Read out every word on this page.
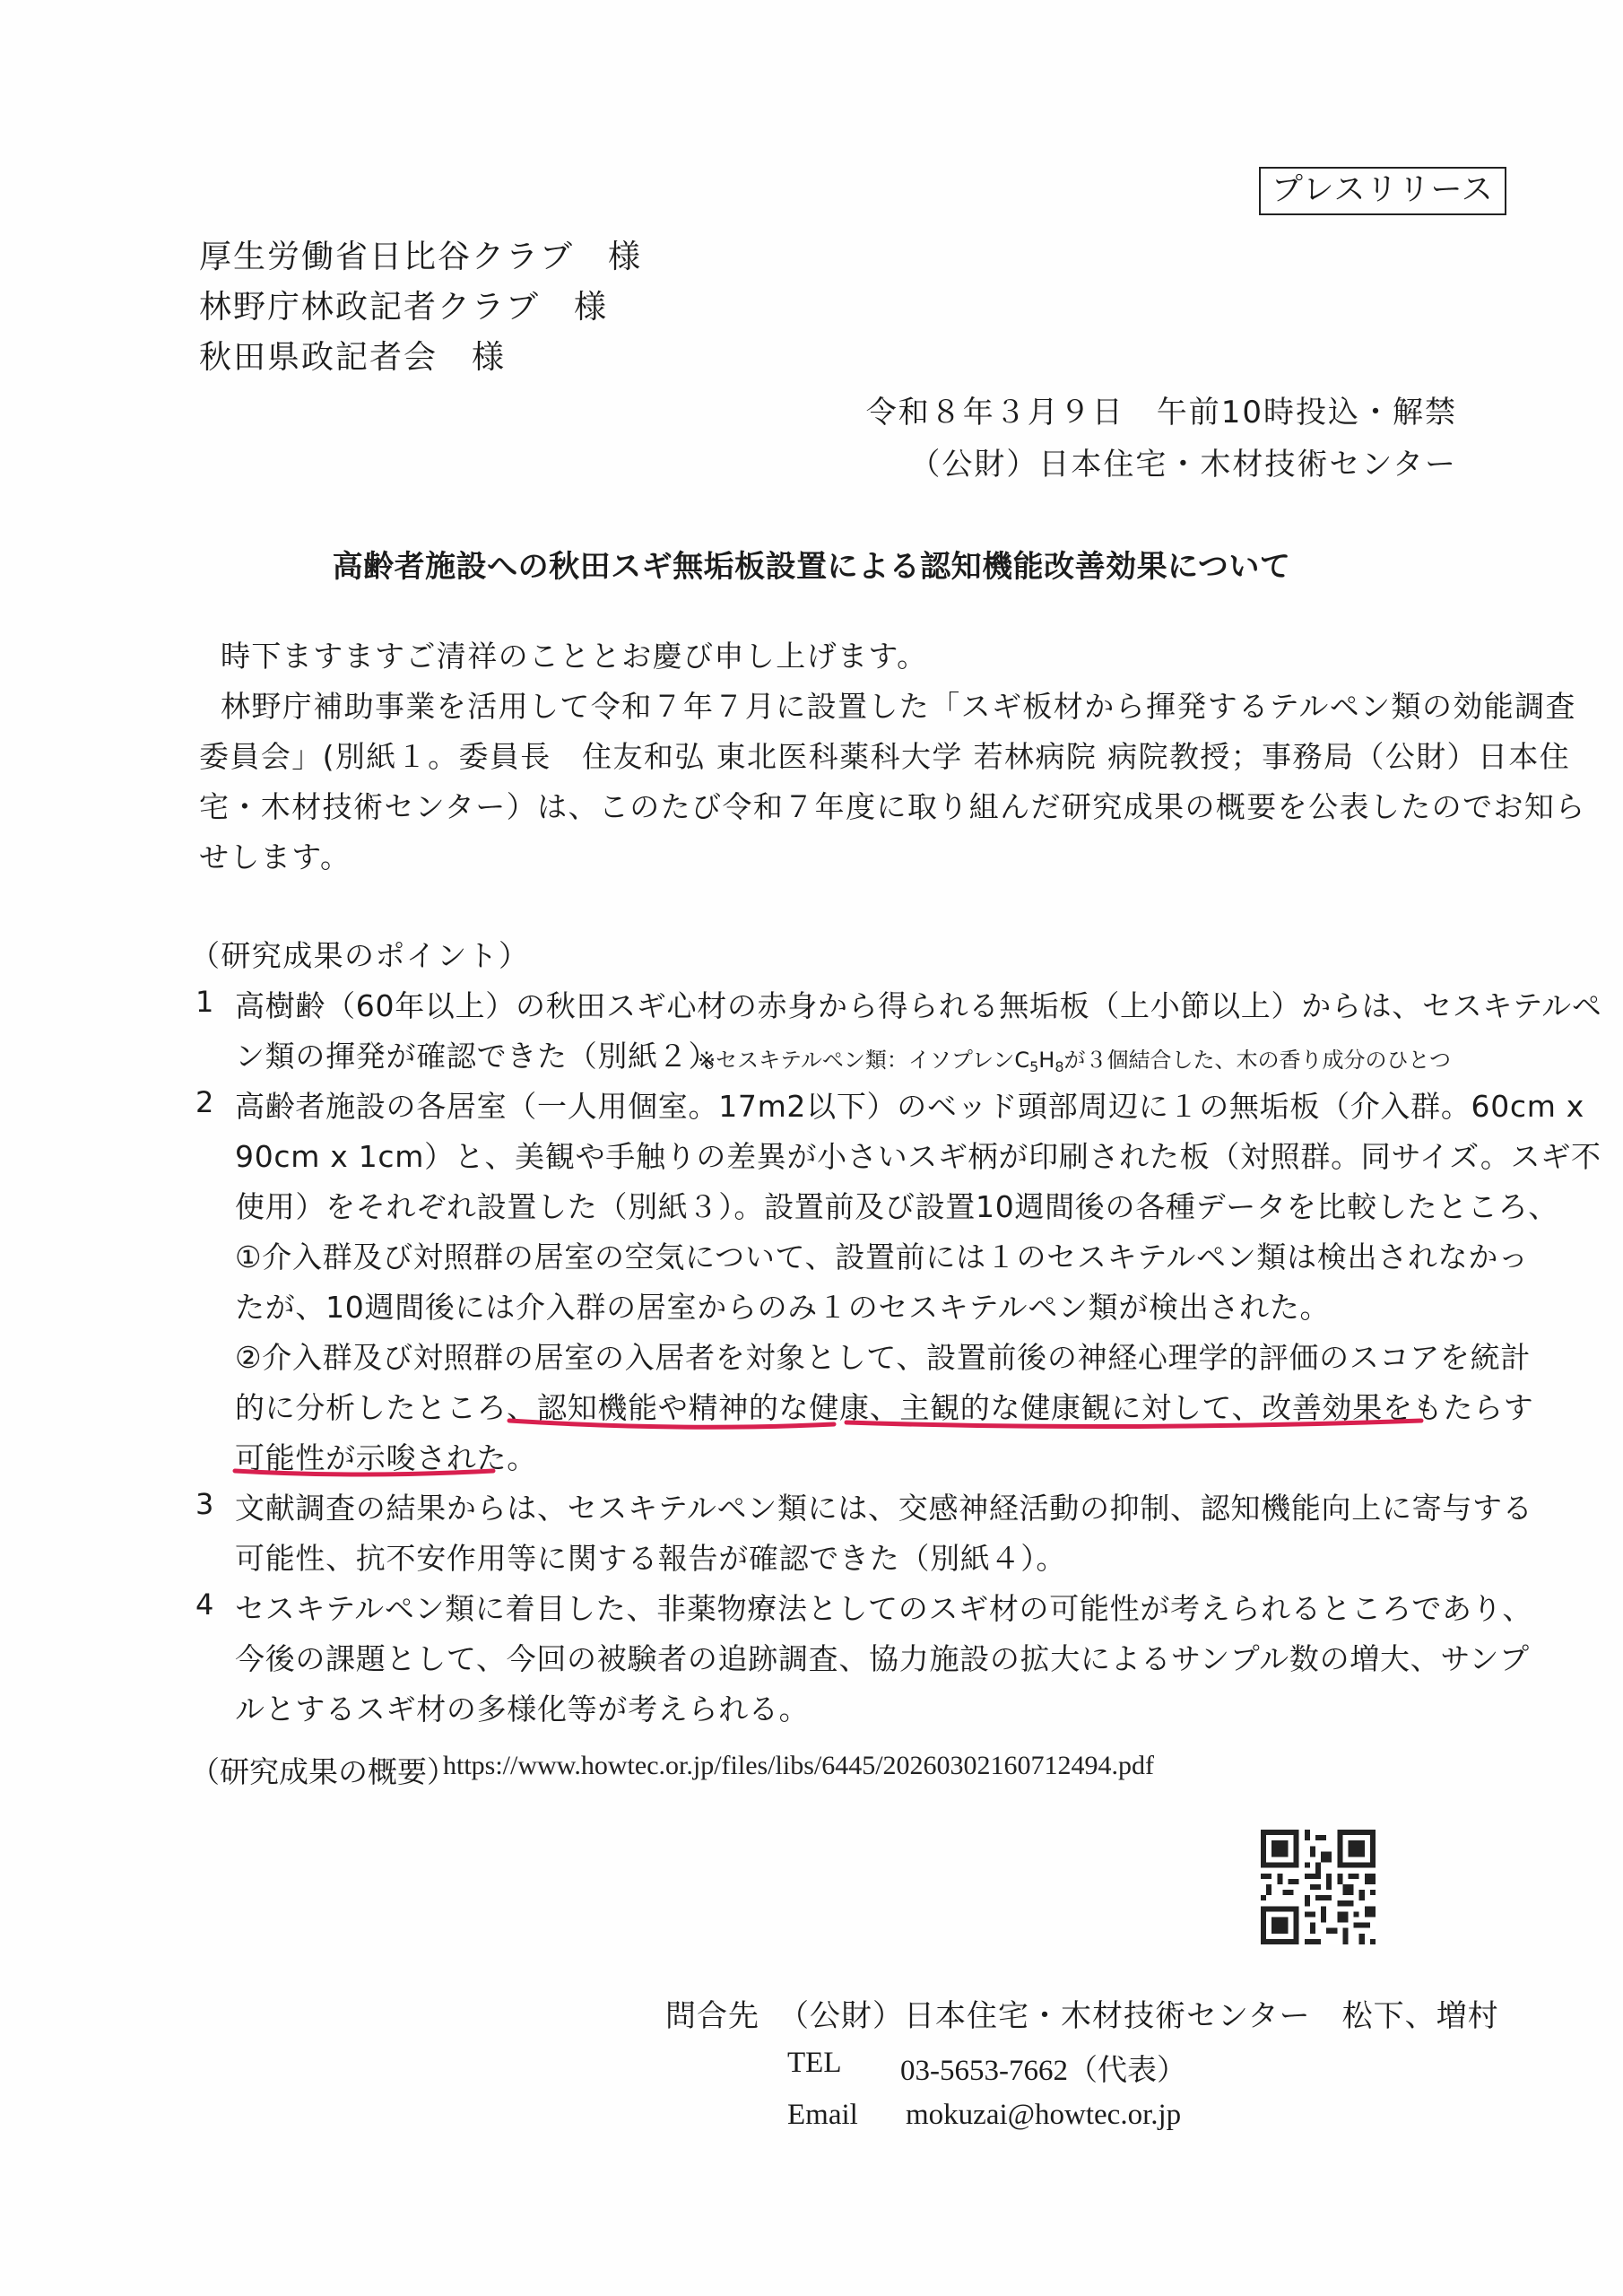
プレスリリース
厚生労働省日比谷クラブ　様
林野庁林政記者クラブ　様
秋田県政記者会　様
令和８年３月９日　午前10時投込・解禁
（公財）日本住宅・木材技術センター
高齢者施設への秋田スギ無垢板設置による認知機能改善効果について
時下ますますご清祥のこととお慶び申し上げます。
林野庁補助事業を活用して令和７年７月に設置した「スギ板材から揮発するテルペン類の効能調査
委員会」(別紙１。委員長　住友和弘 東北医科薬科大学 若林病院 病院教授；事務局（公財）日本住
宅・木材技術センター）は、このたび令和７年度に取り組んだ研究成果の概要を公表したのでお知ら
せします。
（研究成果のポイント）
1 高樹齢（60年以上）の秋田スギ心材の赤身から得られる無垢板（上小節以上）からは、セスキテルペ
ン類の揮発が確認できた（別紙２）。
※セスキテルペン類：イソプレン$C_5H_8$が３個結合した、木の香り成分のひとつ
2 高齢者施設の各居室（一人用個室。17m2以下）のベッド頭部周辺に１の無垢板（介入群。60cm x
90cm x 1cm）と、美観や手触りの差異が小さいスギ柄が印刷された板（対照群。同サイズ。スギ不
使用）をそれぞれ設置した（別紙３）。設置前及び設置10週間後の各種データを比較したところ、
①介入群及び対照群の居室の空気について、設置前には１のセスキテルペン類は検出されなかっ
たが、10週間後には介入群の居室からのみ１のセスキテルペン類が検出された。
②介入群及び対照群の居室の入居者を対象として、設置前後の神経心理学的評価のスコアを統計
的に分析したところ、認知機能や精神的な健康、主観的な健康観に対して、改善効果をもたらす
可能性が示唆された。
3 文献調査の結果からは、セスキテルペン類には、交感神経活動の抑制、認知機能向上に寄与する
可能性、抗不安作用等に関する報告が確認できた（別紙４）。
4 セスキテルペン類に着目した、非薬物療法としてのスギ材の可能性が考えられるところであり、
今後の課題として、今回の被験者の追跡調査、協力施設の拡大によるサンプル数の増大、サンプ
ルとするスギ材の多様化等が考えられる。
（研究成果の概要）
https://www.howtec.or.jp/files/libs/6445/20260302160712494.pdf
問合先 （公財）日本住宅・木材技術センター　松下、増村
TEL 03-5653-7662（代表）
Email mokuzai@howtec.or.jp
